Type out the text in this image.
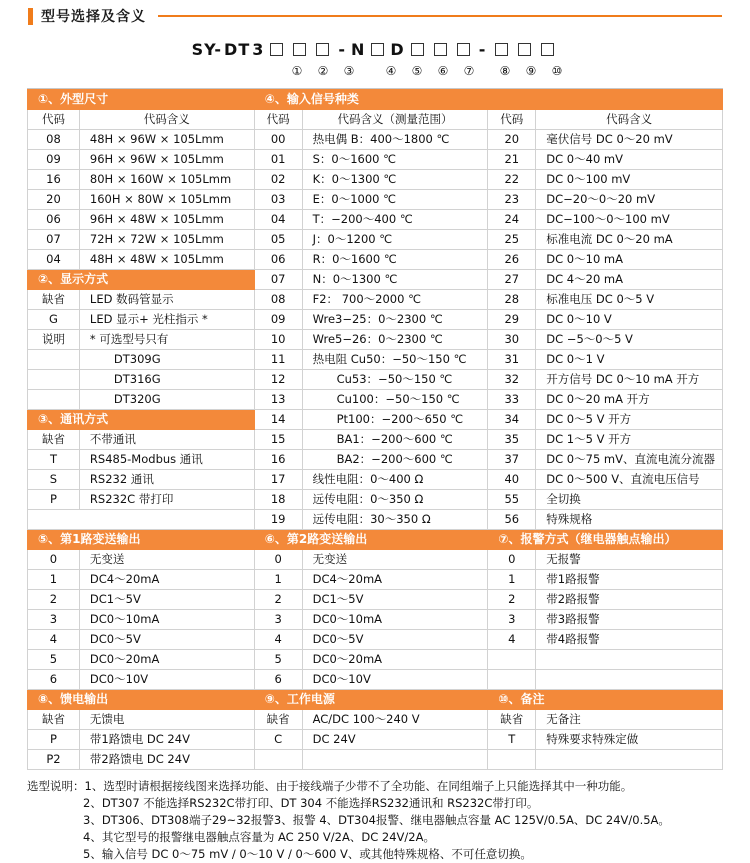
型号选择及含义
SY- DT 3	- N D	-
①	②	③	④	⑤	⑥	⑦	⑧	⑨	⑩
①、外型尺寸		④、输入信号种类			
代码	代码含义	代码	代码含义（测量范围）	代码	代码含义
08	48H × 96W × 105Lmm	00	热电偶 B：400～1800 ℃	20	毫伏信号 DC 0～20 mV
09	96H × 96W × 105Lmm	01	S：0～1600 ℃	21	DC 0～40 mV
16	80H × 160W × 105Lmm	02	K：0～1300 ℃	22	DC 0～100 mV
20	160H × 80W × 105Lmm	03	E：0～1000 ℃	23	DC−20～0～20 mV
06	96H × 48W × 105Lmm	04	T：−200～400 ℃	24	DC−100～0～100 mV
07	72H × 72W × 105Lmm	05	J：0～1200 ℃	25	标准电流 DC 0～20 mA
04	48H × 48W × 105Lmm	06	R：0～1600 ℃	26	DC 0～10 mA
②、显示方式		07	N：0～1300 ℃	27	DC 4～20 mA
缺省	LED 数码管显示	08	F2： 700～2000 ℃	28	标准电压 DC 0～5 V
G	LED 显示+ 光柱指示 *	09	Wre3−25：0～2300 ℃	29	DC 0～10 V
说明	* 可选型号只有	10	Wre5−26：0～2300 ℃	30	DC −5～0～5 V
	DT309G	11	热电阻 Cu50：−50～150 ℃	31	DC 0～1 V
	DT316G	12	Cu53：−50～150 ℃	32	开方信号 DC 0～10 mA 开方
	DT320G	13	Cu100：−50～150 ℃	33	DC 0～20 mA 开方
③、通讯方式		14	Pt100：−200～650 ℃	34	DC 0～5 V 开方
缺省	不带通讯	15	BA1：−200～600 ℃	35	DC 1～5 V 开方
T	RS485-Modbus 通讯	16	BA2：−200～600 ℃	37	DC 0～75 mV、直流电流分流器
S	RS232 通讯	17	线性电阻：0～400 Ω	40	DC 0～500 V、直流电压信号
P	RS232C 带打印	18	远传电阻：0～350 Ω	55	全切换
		19	远传电阻：30～350 Ω	56	特殊规格
⑤、第1路变送输出		⑥、第2路变送输出		⑦、报警方式（继电器触点输出）	
0	无变送	0	无变送	0	无报警
1	DC4～20mA	1	DC4～20mA	1	带1路报警
2	DC1～5V	2	DC1～5V	2	带2路报警
3	DC0～10mA	3	DC0～10mA	3	带3路报警
4	DC0～5V	4	DC0～5V	4	带4路报警
5	DC0～20mA	5	DC0～20mA		
6	DC0～10V	6	DC0～10V		
⑧、馈电输出		⑨、工作电源		⑩、备注	
缺省	无馈电	缺省	AC/DC 100～240 V	缺省	无备注
P	带1路馈电 DC 24V	C	DC 24V	T	特殊要求特殊定做
P2	带2路馈电 DC 24V				
选型说明：1、选型时请根据接线图来选择功能、由于接线端子少带不了全功能、在同组端子上只能选择其中一种功能。
2、DT307 不能选择RS232C带打印、DT 304 不能选择RS232通讯和 RS232C带打印。
3、DT306、DT308端子29~32报警3、报警 4、DT304报警、继电器触点容量 AC 125V/0.5A、DC 24V/0.5A。
4、其它型号的报警继电器触点容量为 AC 250 V/2A、DC 24V/2A。
5、输入信号 DC 0～75 mV / 0～10 V / 0～600 V、或其他特殊规格、不可任意切换。
